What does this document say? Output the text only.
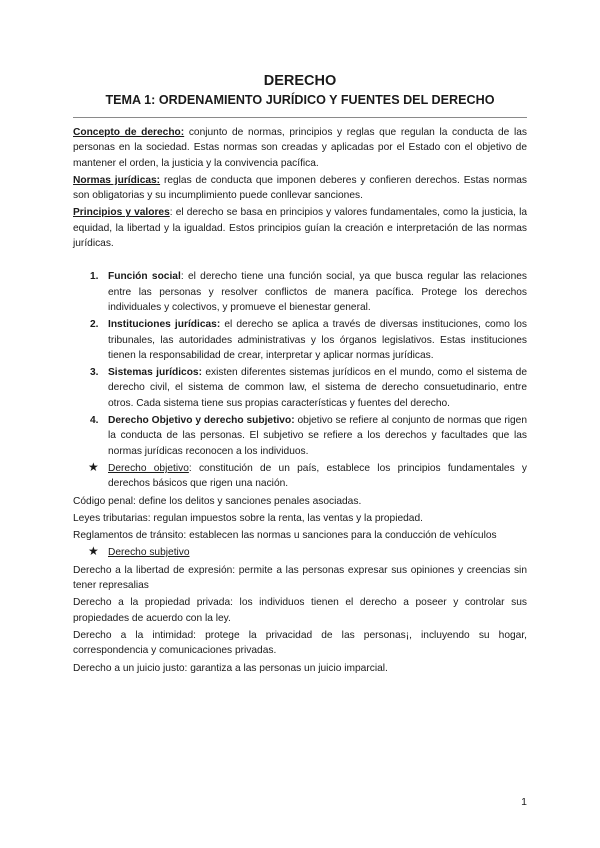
DERECHO
TEMA 1: ORDENAMIENTO JURÍDICO Y FUENTES DEL DERECHO

Concepto de derecho: conjunto de normas, principios y reglas que regulan la conducta de las personas en la sociedad. Estas normas son creadas y aplicadas por el Estado con el objetivo de mantener el orden, la justicia y la convivencia pacífica.

Normas jurídicas: reglas de conducta que imponen deberes y confieren derechos. Estas normas son obligatorias y su incumplimiento puede conllevar sanciones.

Principios y valores: el derecho se basa en principios y valores fundamentales, como la justicia, la equidad, la libertad y la igualdad. Estos principios guían la creación e interpretación de las normas jurídicas.

1. Función social: el derecho tiene una función social, ya que busca regular las relaciones entre las personas y resolver conflictos de manera pacífica. Protege los derechos individuales y colectivos, y promueve el bienestar general.
2. Instituciones jurídicas: el derecho se aplica a través de diversas instituciones, como los tribunales, las autoridades administrativas y los órganos legislativos. Estas instituciones tienen la responsabilidad de crear, interpretar y aplicar normas jurídicas.
3. Sistemas jurídicos: existen diferentes sistemas jurídicos en el mundo, como el sistema de derecho civil, el sistema de common law, el sistema de derecho consuetudinario, entre otros. Cada sistema tiene sus propias características y fuentes del derecho.
4. Derecho Objetivo y derecho subjetivo: objetivo se refiere al conjunto de normas que rigen la conducta de las personas. El subjetivo se refiere a los derechos y facultades que las normas jurídicas reconocen a los individuos.
★ Derecho objetivo: constitución de un país, establece los principios fundamentales y derechos básicos que rigen una nación.

Código penal: define los delitos y sanciones penales asociadas.

Leyes tributarias: regulan impuestos sobre la renta, las ventas y la propiedad.

Reglamentos de tránsito: establecen las normas u sanciones para la conducción de vehículos

★ Derecho subjetivo

Derecho a la libertad de expresión: permite a las personas expresar sus opiniones y creencias sin tener represalias

Derecho a la propiedad privada: los individuos tienen el derecho a poseer y controlar sus propiedades de acuerdo con la ley.

Derecho a la intimidad: protege la privacidad de las personas¡, incluyendo su hogar, correspondencia y comunicaciones privadas.

Derecho a un juicio justo: garantiza a las personas un juicio imparcial.

1
